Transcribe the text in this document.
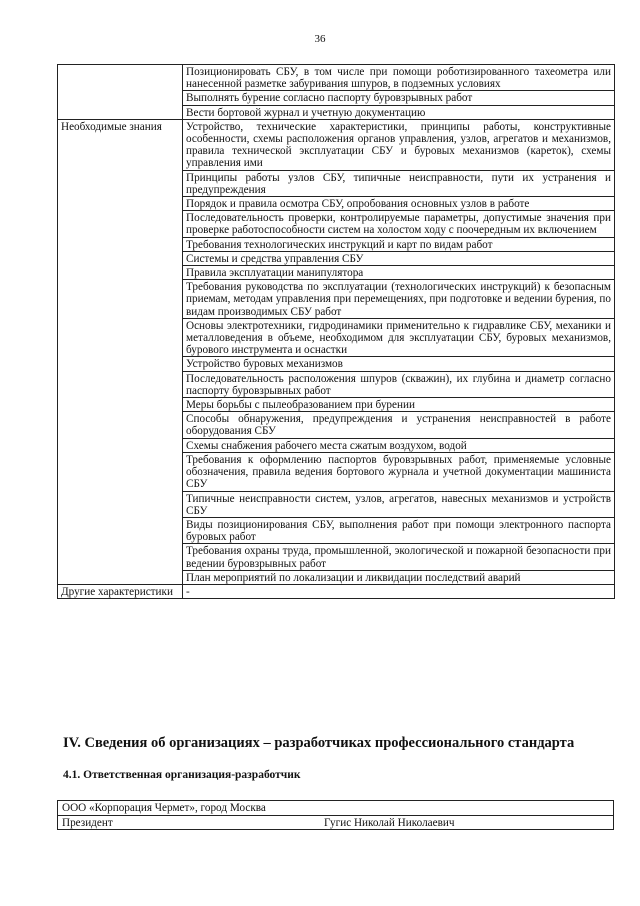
36
	Позиционировать СБУ, в том числе при помощи роботизированного тахеометра или нанесенной разметке забуривания шпуров, в подземных условиях
	Выполнять бурение согласно паспорту буровзрывных работ
	Вести бортовой журнал и учетную документацию
Необходимые знания	Устройство, технические характеристики, принципы работы, конструктивные особенности, схемы расположения органов управления, узлов, агрегатов и механизмов, правила технической эксплуатации СБУ и буровых механизмов (кареток), схемы управления ими
	Принципы работы узлов СБУ, типичные неисправности, пути их устранения и предупреждения
	Порядок и правила осмотра СБУ, опробования основных узлов в работе
	Последовательность проверки, контролируемые параметры, допустимые значения при проверке работоспособности систем на холостом ходу с поочередным их включением
	Требования технологических инструкций и карт по видам работ
	Системы и средства управления СБУ
	Правила эксплуатации манипулятора
	Требования руководства по эксплуатации (технологических инструкций) к безопасным приемам, методам управления при перемещениях, при подготовке и ведении бурения, по видам производимых СБУ работ
	Основы электротехники, гидродинамики применительно к гидравлике СБУ, механики и металловедения в объеме, необходимом для эксплуатации СБУ, буровых механизмов, бурового инструмента и оснастки
	Устройство буровых механизмов
	Последовательность расположения шпуров (скважин), их глубина и диаметр согласно паспорту буровзрывных работ
	Меры борьбы с пылеобразованием при бурении
	Способы обнаружения, предупреждения и устранения неисправностей в работе оборудования СБУ
	Схемы снабжения рабочего места сжатым воздухом, водой
	Требования к оформлению паспортов буровзрывных работ, применяемые условные обозначения, правила ведения бортового журнала и учетной документации машиниста СБУ
	Типичные неисправности систем, узлов, агрегатов, навесных механизмов и устройств СБУ
	Виды позиционирования СБУ, выполнения работ при помощи электронного паспорта буровых работ
	Требования охраны труда, промышленной, экологической и пожарной безопасности при ведении буровзрывных работ
	План мероприятий по локализации и ликвидации последствий аварий
Другие характеристики	-
IV. Сведения об организациях – разработчиках профессионального стандарта
4.1. Ответственная организация-разработчик
ООО «Корпорация Чермет», город Москва
Президент	Гугис Николай Николаевич
